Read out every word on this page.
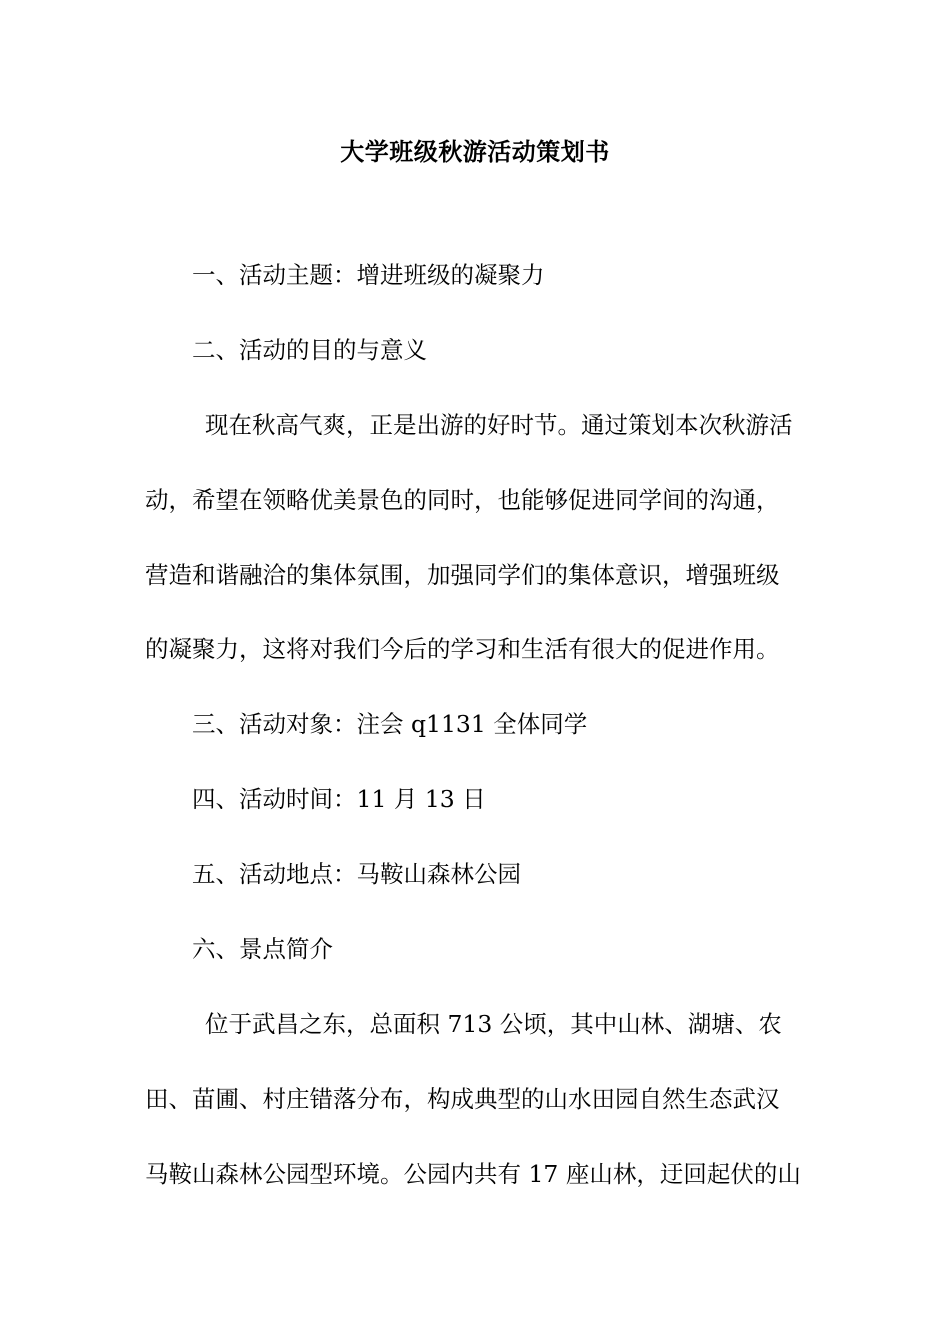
大学班级秋游活动策划书
一、活动主题：增进班级的凝聚力
二、活动的目的与意义
现在秋高气爽，正是出游的好时节。通过策划本次秋游活
动，希望在领略优美景色的同时，也能够促进同学间的沟通，
营造和谐融洽的集体氛围，加强同学们的集体意识，增强班级
的凝聚力，这将对我们今后的学习和生活有很大的促进作用。
三、活动对象：注会 q1131 全体同学
四、活动时间：11 月 13 日
五、活动地点：马鞍山森林公园
六、景点简介
位于武昌之东，总面积 713 公顷，其中山林、湖塘、农
田、苗圃、村庄错落分布，构成典型的山水田园自然生态武汉
马鞍山森林公园型环境。公园内共有 17 座山林，迂回起伏的山
